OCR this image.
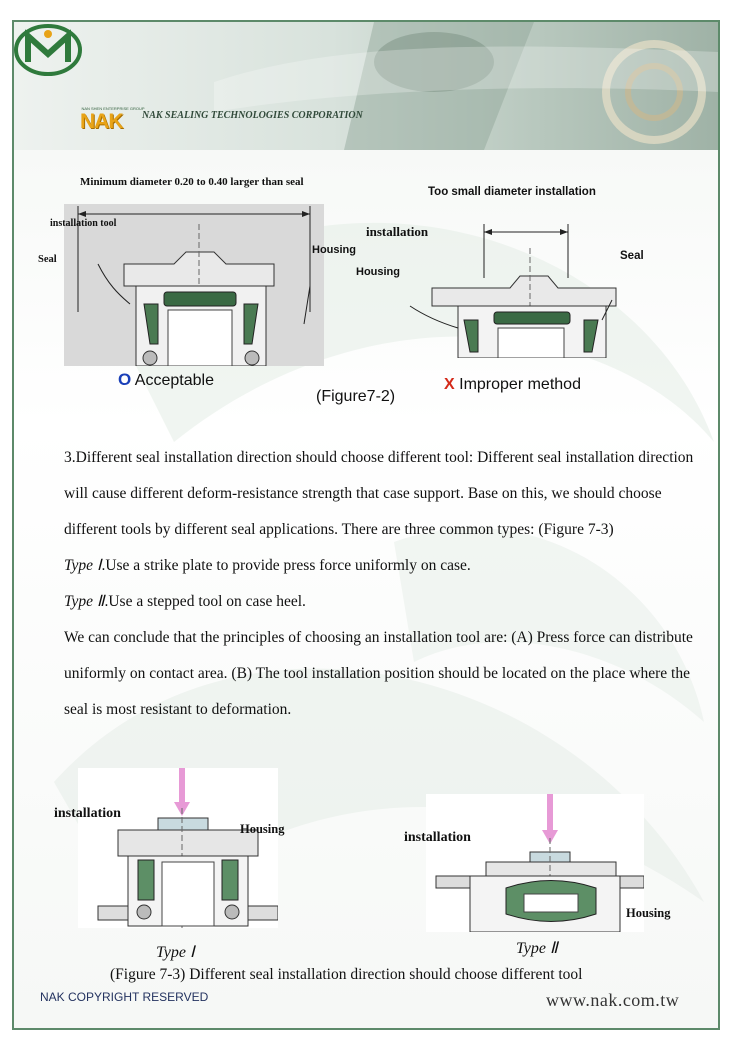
NAN SHEN ENTERPRISE GROUP
NAK NAK SEALING TECHNOLOGIES CORPORATION
Minimum diameter 0.20 to 0.40 larger than seal
installation tool
Seal
Housing
O Acceptable
Too small diameter installation
installation
Seal
Housing
X Improper method
(Figure7-2)

3.Different seal installation direction should choose different tool: Different seal installation direction will cause different deform-resistance strength that case support. Base on this, we should choose different tools by different seal applications. There are three common types: (Figure 7-3)

Type Ⅰ.Use a strike plate to provide press force uniformly on case.

Type Ⅱ.Use a stepped tool on case heel.

We can conclude that the principles of choosing an installation tool are: (A) Press force can distribute uniformly on contact area. (B) The tool installation position should be located on the place where the seal is most resistant to deformation.

installation
Housing
Type Ⅰ
installation
Housing
Type Ⅱ
(Figure 7-3) Different seal installation direction should choose different tool
NAK COPYRIGHT RESERVED	www.nak.com.tw
